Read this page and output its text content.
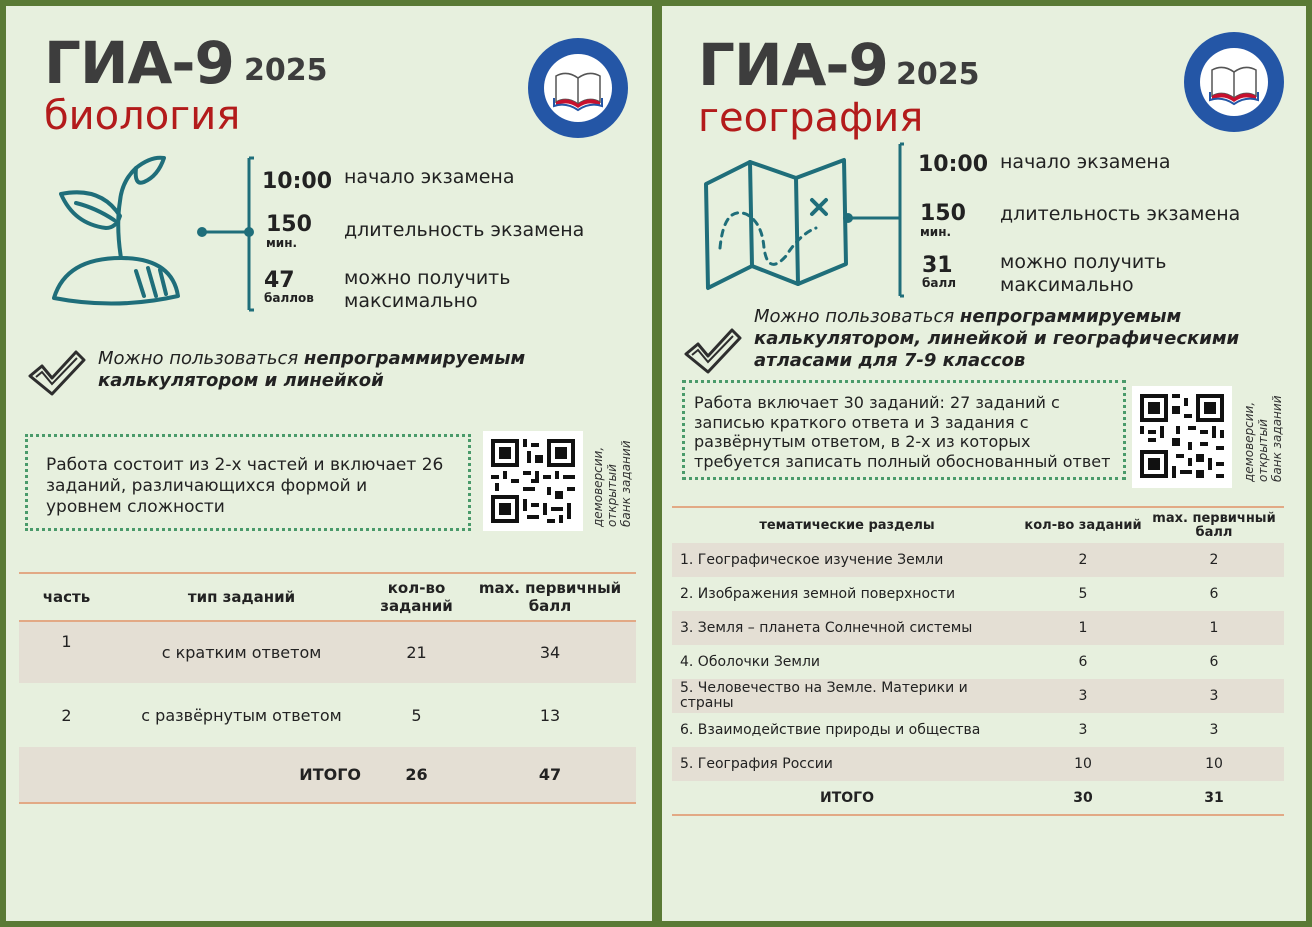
ГИА-9 2025
биология
10:00 начало экзамена
150
мин.
длительность экзамена
47
баллов
можно получить максимально
Можно пользоваться непрограммируемым калькулятором и линейкой
Работа состоит из 2-х частей и включает 26 заданий, различающихся формой и уровнем сложности	демоверсии, открытый банк заданий
часть	тип заданий	кол-во заданий	max. первичный балл
1	с кратким ответом	21	34
2	с развёрнутым ответом	5	13
	ИТОГО	26	47
ГИА-9 2025
география
10:00 начало экзамена
150
мин.
длительность экзамена
31
балл
можно получить максимально
Можно пользоваться непрограммируемым калькулятором, линейкой и географическими атласами для 7-9 классов
Работа включает 30 заданий: 27 заданий с записью краткого ответа и 3 задания с развёрнутым ответом, в 2-х из которых требуется записать полный обоснованный ответ	демоверсии, открытый банк заданий
тематические разделы	кол-во заданий	max. первичный балл
1. Географическое изучение Земли	2	2
2. Изображения земной поверхности	5	6
3. Земля – планета Солнечной системы	1	1
4. Оболочки Земли	6	6
5. Человечество на Земле. Материки и страны	3	3
6. Взаимодействие природы и общества	3	3
5. География России	10	10
ИТОГО	30	31
